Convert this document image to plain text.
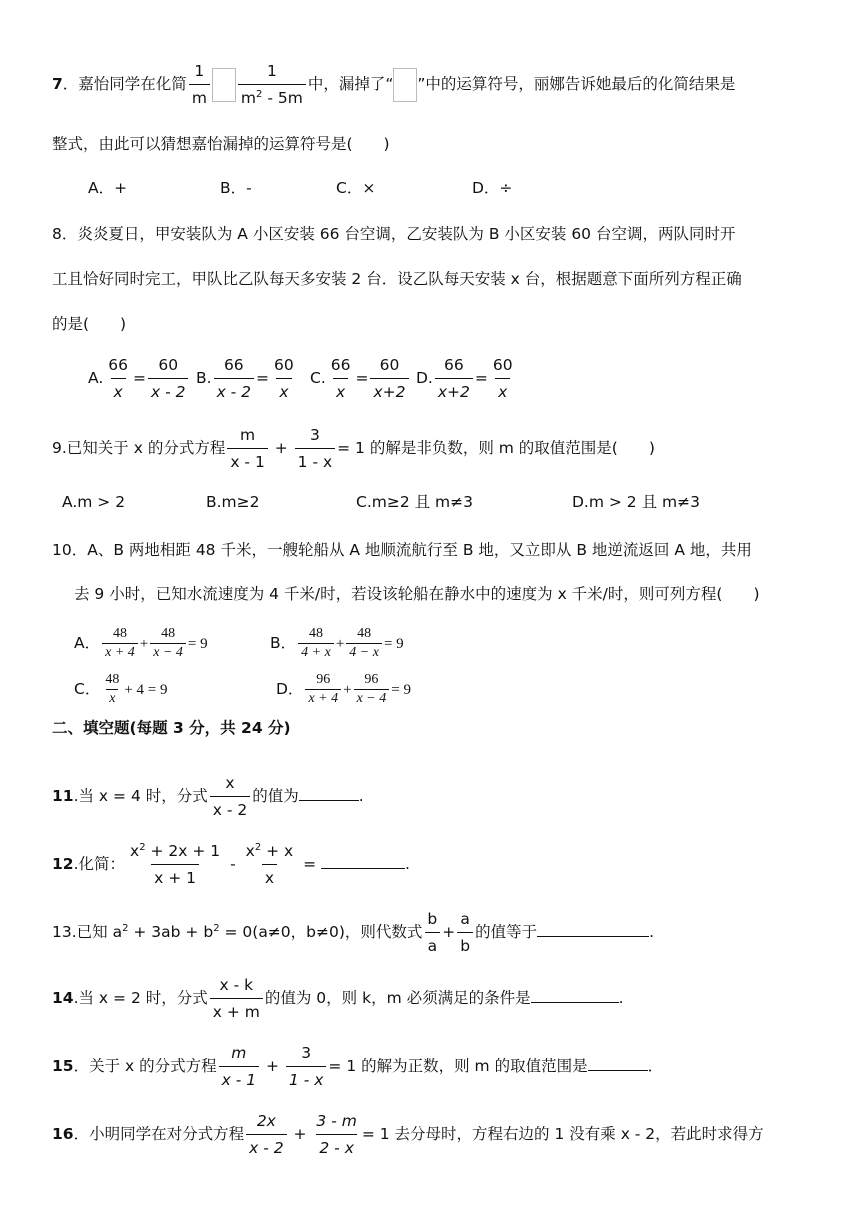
7．嘉怡同学在化简 $\frac{1}{m} \frac{1}{m^2 - 5m}$ 中，漏掉了“ ”中的运算符号，丽娜告诉她最后的化简结果是
整式，由此可以猜想嘉怡漏掉的运算符号是(　　)
A．+	B．-	C．×	D．÷
8．炎炎夏日，甲安装队为 A 小区安装 66 台空调，乙安装队为 B 小区安装 60 台空调，两队同时开
工且恰好同时完工，甲队比乙队每天多安装 2 台．设乙队每天安装 x 台，根据题意下面所列方程正确
的是(　　)
A. $\frac{66}{x} = \frac{60}{x - 2} B$. $\frac{66}{x - 2} = \frac{60}{x} C$. $\frac{66}{x} = \frac{60}{x+2} D$. $\frac{66}{x+2} = \frac{60}{x}$
9.已知关于 x 的分式方程 $\frac{m}{x - 1} + \frac{3}{1 - x} = 1$ 的解是非负数，则 m 的取值范围是(　　)
A.m > 2	B.m≥2	C.m≥2 且 m≠3	D.m > 2 且 m≠3
10．A、B 两地相距 48 千米，一艘轮船从 A 地顺流航行至 B 地，又立即从 B 地逆流返回 A 地，共用
去 9 小时，已知水流速度为 4 千米/时，若设该轮船在静水中的速度为 x 千米/时，则可列方程(　　)
A． $\frac{48}{x + 4} + \frac{48}{x - 4} = 9$	B． $\frac{48}{4 + x} + \frac{48}{4 - x} = 9$
C． $\frac{48}{x} + 4 = 9$	D． $\frac{96}{x + 4} + \frac{96}{x - 4} = 9$
二、填空题(每题 3 分，共 24 分)
11.当 x = 4 时，分式 $\frac{x}{x - 2}$ 的值为	.
12.化简： $\frac{x^2 + 2x + 1}{x + 1} - \frac{x^2 + x}{x}$ =	.
13.已知 $a^2 + 3ab + b^2 = 0(a\ne 0$，b≠0)，则代数式 $\frac{b}{a} + \frac{a}{b}$ 的值等于	.
14.当 x = 2 时，分式 $\frac{x - k}{x + m}$ 的值为 0，则 k，m 必须满足的条件是	.
15．关于 x 的分式方程 $\frac{m}{x - 1} + \frac{3}{1 - x} = 1$ 的解为正数，则 m 的取值范围是	．
16．小明同学在对分式方程 $\frac{2x}{x - 2} + \frac{3 - m}{2 - x} = 1$ 去分母时，方程右边的 1 没有乘 x - 2，若此时求得方
